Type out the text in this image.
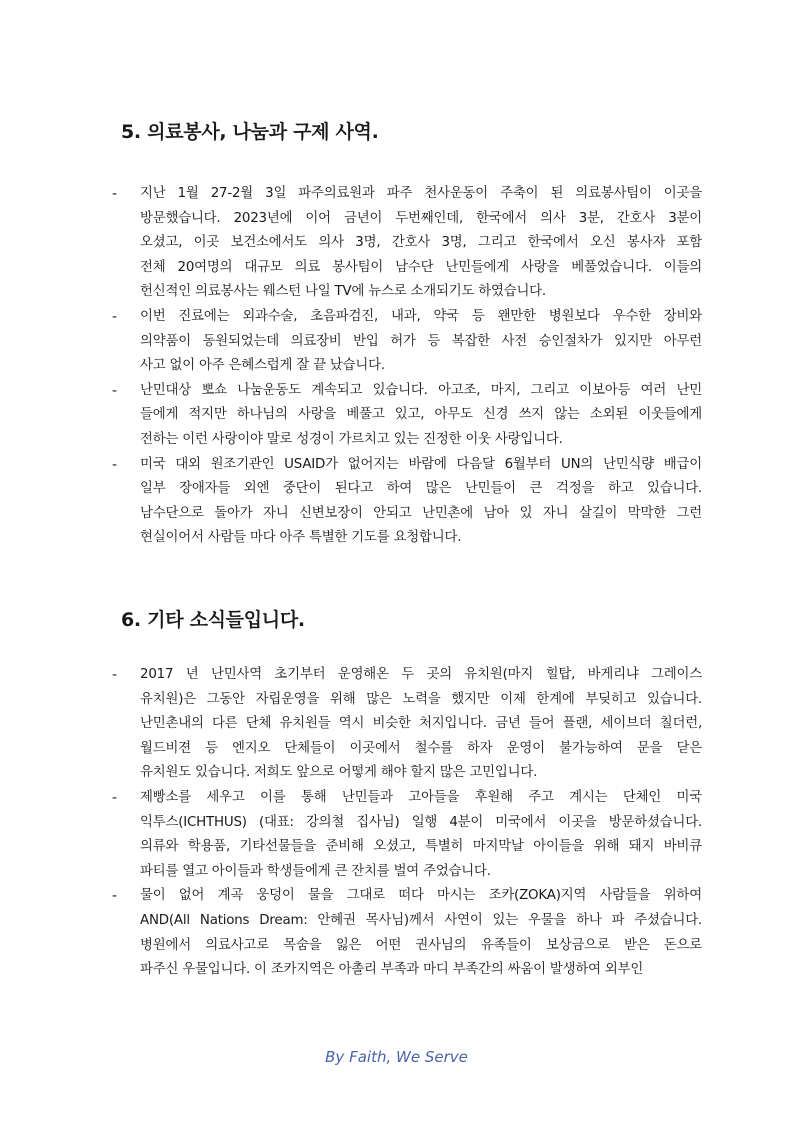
5. 의료봉사, 나눔과 구제 사역.
-	지난 1월 27-2월 3일 파주의료원과 파주 천사운동이 주축이 된 의료봉사팀이 이곳을
방문했습니다. 2023년에 이어 금년이 두번째인데, 한국에서 의사 3분, 간호사 3분이
오셨고, 이곳 보건소에서도 의사 3명, 간호사 3명, 그리고 한국에서 오신 봉사자 포함
전체 20여명의 대규모 의료 봉사팀이 남수단 난민들에게 사랑을 베풀었습니다. 이들의
헌신적인 의료봉사는 웨스턴 나일 TV에 뉴스로 소개되기도 하였습니다.
-	이번 진료에는 외과수술, 초음파검진, 내과, 약국 등 왠만한 병원보다 우수한 장비와
의약품이 동원되었는데 의료장비 반입 허가 등 복잡한 사전 승인절차가 있지만 아무런
사고 없이 아주 은혜스럽게 잘 끝 났습니다.
-	난민대상 뽀쇼 나눔운동도 계속되고 있습니다. 아고조, 마지, 그리고 이보아등 여러 난민
들에게 적지만 하나님의 사랑을 베풀고 있고, 아무도 신경 쓰지 않는 소외된 이웃들에게
전하는 이런 사랑이야 말로 성경이 가르치고 있는 진정한 이웃 사랑입니다.
-	미국 대외 원조기관인 USAID가 없어지는 바람에 다음달 6월부터 UN의 난민식량 배급이
일부 장애자들 외엔 중단이 된다고 하여 많은 난민들이 큰 걱정을 하고 있습니다.
남수단으로 돌아가 자니 신변보장이 안되고 난민촌에 남아 있 자니 살길이 막막한 그런
현실이어서 사람들 마다 아주 특별한 기도를 요청합니다.
6. 기타 소식들입니다.
-	2017 년 난민사역 초기부터 운영해온 두 곳의 유치원(마지 힐탑, 바게리냐 그레이스
유치원)은 그동안 자립운영을 위해 많은 노력을 했지만 이제 한계에 부딪히고 있습니다.
난민촌내의 다른 단체 유치원들 역시 비슷한 처지입니다. 금년 들어 플랜, 세이브더 칠더런,
월드비젼 등 엔지오 단체들이 이곳에서 철수를 하자 운영이 불가능하여 문을 닫은
유치원도 있습니다. 저희도 앞으로 어떻게 해야 할지 많은 고민입니다.
-	제빵소를 세우고 이를 통해 난민들과 고아들을 후원해 주고 계시는 단체인 미국
익투스(ICHTHUS) (대표: 강의철 집사님) 일행 4분이 미국에서 이곳을 방문하셨습니다.
의류와 학용품, 기타선물들을 준비해 오셨고, 특별히 마지막날 아이들을 위해 돼지 바비큐
파티를 열고 아이들과 학생들에게 큰 잔치를 벌여 주었습니다.
-	물이 없어 계곡 웅덩이 물을 그대로 떠다 마시는 조카(ZOKA)지역 사람들을 위하여
AND(All Nations Dream: 안혜권 목사님)께서 사연이 있는 우물을 하나 파 주셨습니다.
병원에서 의료사고로 목숨을 잃은 어떤 권사님의 유족들이 보상금으로 받은 돈으로
파주신 우물입니다. 이 조카지역은 아촐리 부족과 마디 부족간의 싸움이 발생하여 외부인
By Faith, We Serve
